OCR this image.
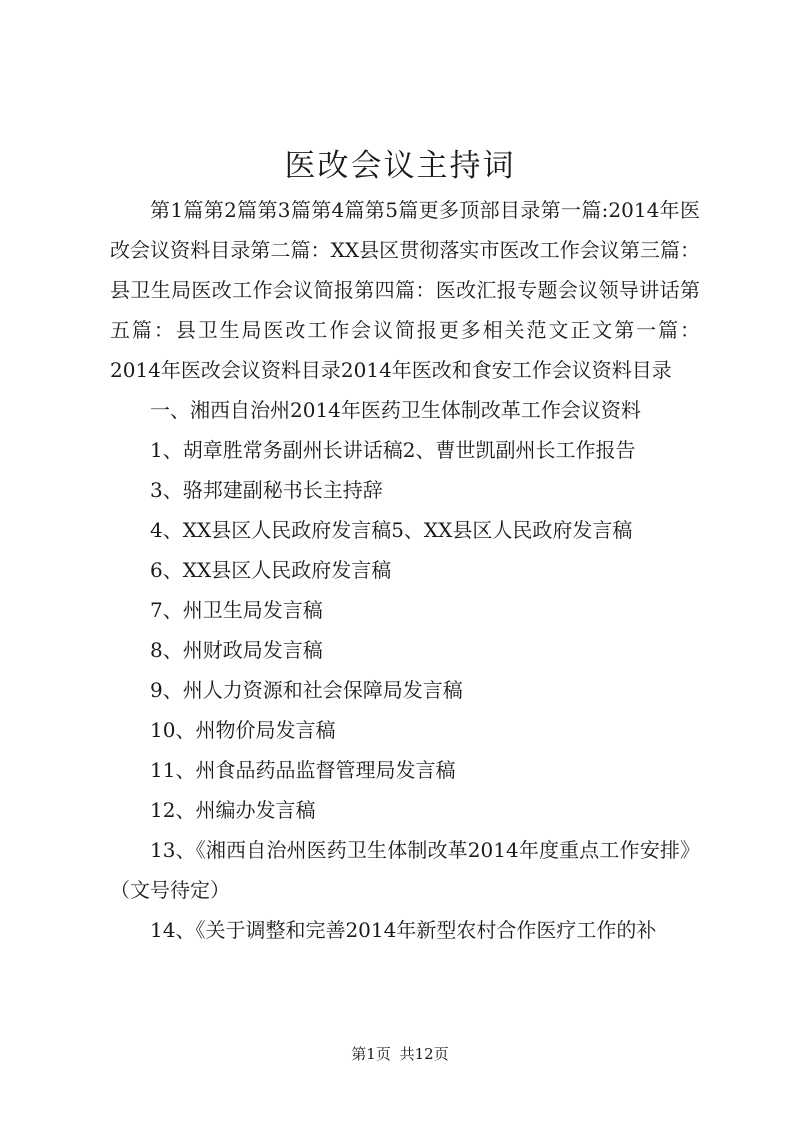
医改会议主持词

第1篇第2篇第3篇第4篇第5篇更多顶部目录第一篇:2014年医改会议资料目录第二篇：XX县区贯彻落实市医改工作会议第三篇：县卫生局医改工作会议简报第四篇：医改汇报专题会议领导讲话第五篇：县卫生局医改工作会议简报更多相关范文正文第一篇：2014年医改会议资料目录2014年医改和食安工作会议资料目录

一、湘西自治州2014年医药卫生体制改革工作会议资料

1、胡章胜常务副州长讲话稿2、曹世凯副州长工作报告

3、骆邦建副秘书长主持辞

4、XX县区人民政府发言稿5、XX县区人民政府发言稿

6、XX县区人民政府发言稿

7、州卫生局发言稿

8、州财政局发言稿

9、州人力资源和社会保障局发言稿

10、州物价局发言稿

11、州食品药品监督管理局发言稿

12、州编办发言稿

13、《湘西自治州医药卫生体制改革2014年度重点工作安排》（文号待定）

14、《关于调整和完善2014年新型农村合作医疗工作的补

第1页 共12页
